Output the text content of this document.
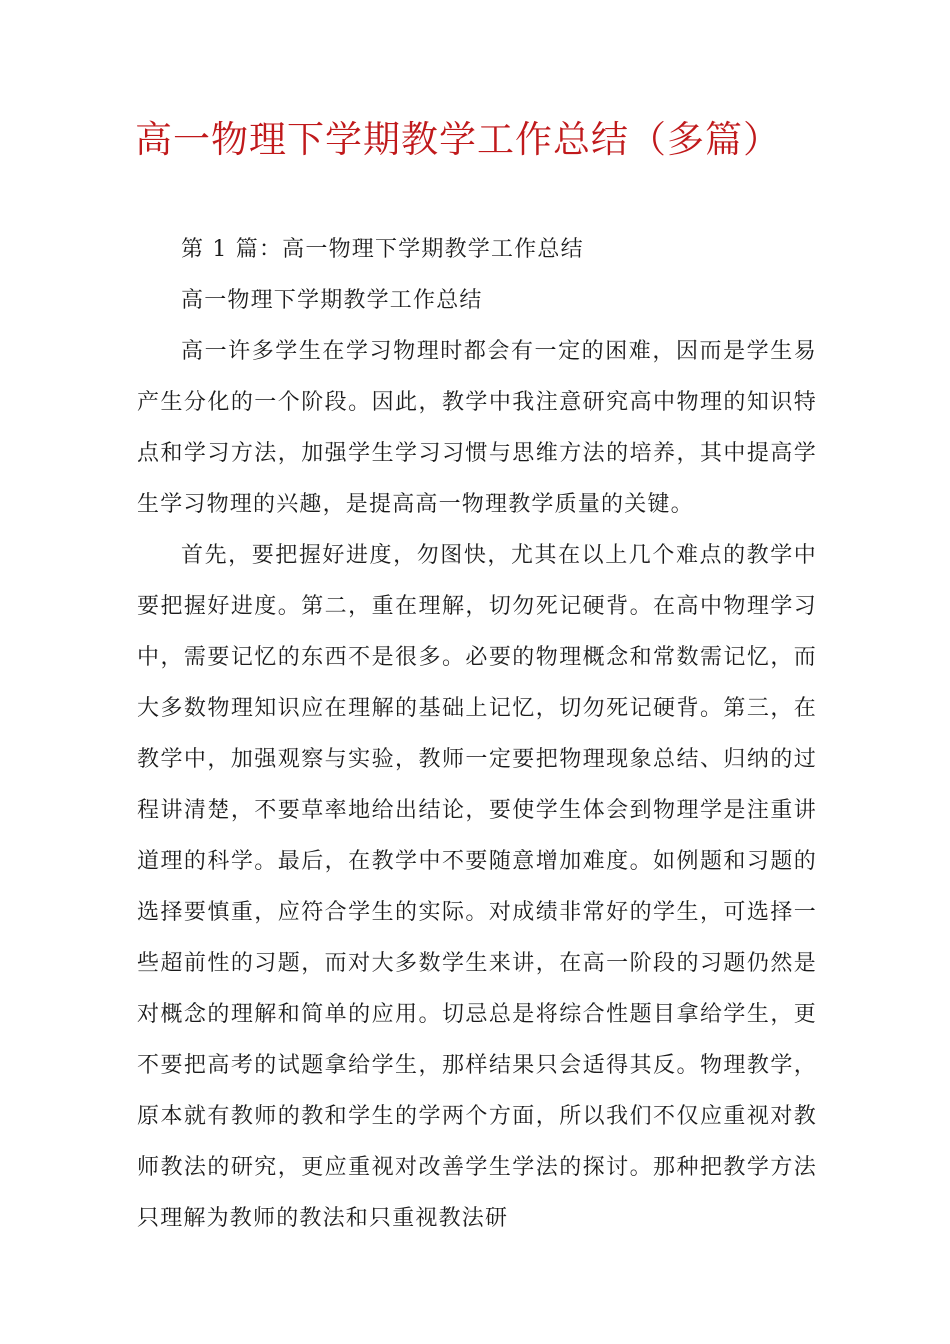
高一物理下学期教学工作总结（多篇）

第 1 篇：高一物理下学期教学工作总结

高一物理下学期教学工作总结

高一许多学生在学习物理时都会有一定的困难，因而是学生易产生分化的一个阶段。因此，教学中我注意研究高中物理的知识特点和学习方法，加强学生学习习惯与思维方法的培养，其中提高学生学习物理的兴趣，是提高高一物理教学质量的关键。

首先，要把握好进度，勿图快，尤其在以上几个难点的教学中要把握好进度。第二，重在理解，切勿死记硬背。在高中物理学习中，需要记忆的东西不是很多。必要的物理概念和常数需记忆，而大多数物理知识应在理解的基础上记忆，切勿死记硬背。第三，在教学中，加强观察与实验，教师一定要把物理现象总结、归纳的过程讲清楚，不要草率地给出结论，要使学生体会到物理学是注重讲道理的科学。最后，在教学中不要随意增加难度。如例题和习题的选择要慎重，应符合学生的实际。对成绩非常好的学生，可选择一些超前性的习题，而对大多数学生来讲，在高一阶段的习题仍然是对概念的理解和简单的应用。切忌总是将综合性题目拿给学生，更不要把高考的试题拿给学生，那样结果只会适得其反。物理教学，原本就有教师的教和学生的学两个方面，所以我们不仅应重视对教师教法的研究，更应重视对改善学生学法的探讨。那种把教学方法只理解为教师的教法和只重视教法研
